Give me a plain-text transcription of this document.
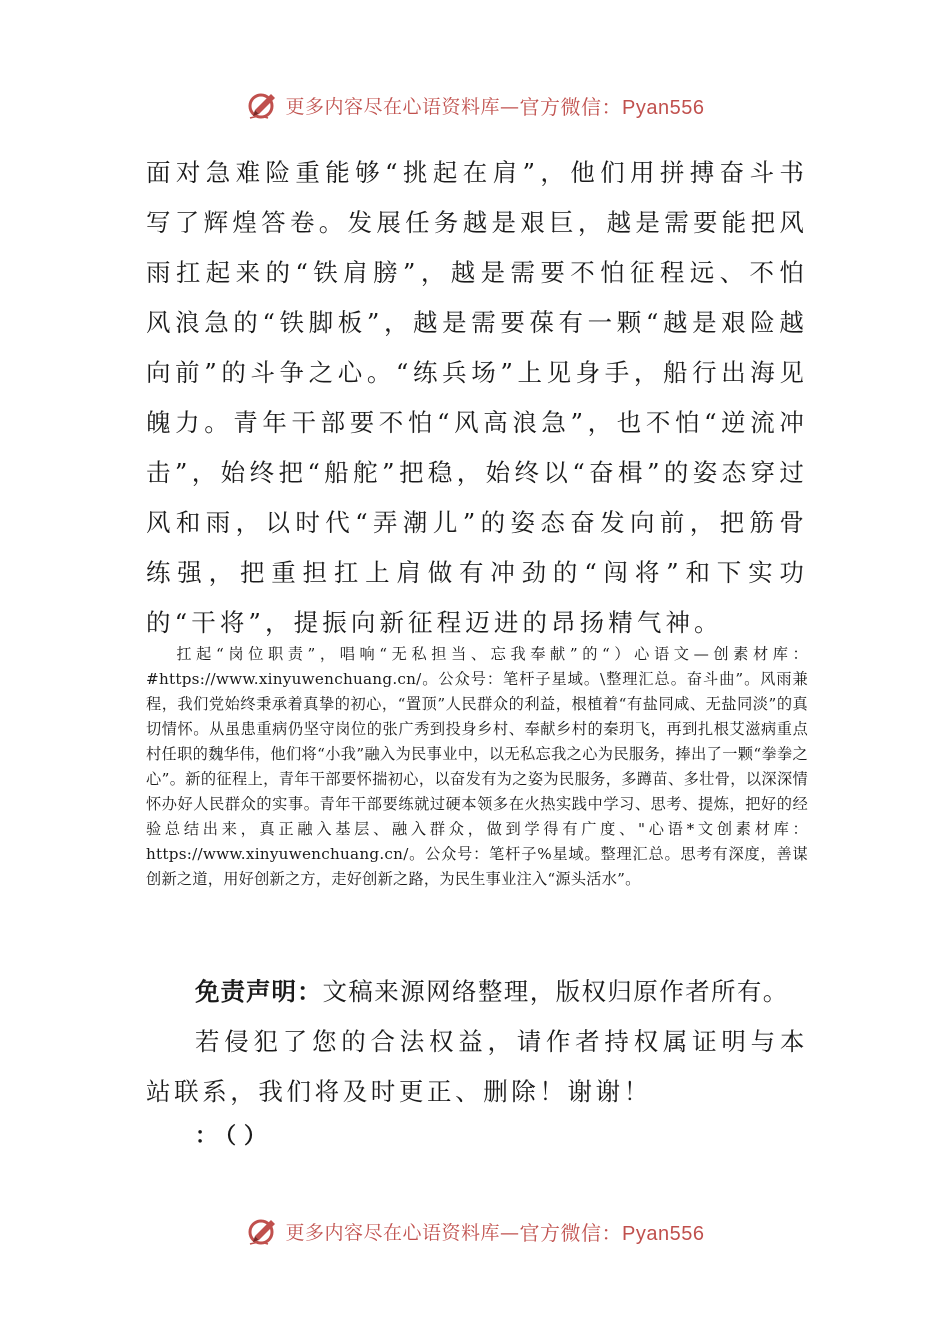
更多内容尽在心语资料库— 官方微信：Pyan556

面对急难险重能够“挑起在肩”，他们用拼搏奋斗书写了辉煌答卷。发展任务越是艰巨，越是需要能把风雨扛起来的“铁肩膀”，越是需要不怕征程远、不怕风浪急的“铁脚板”，越是需要葆有一颗“越是艰险越向前”的斗争之心。“练兵场”上见身手，船行出海见魄力。青年干部要不怕“风高浪急”，也不怕“逆流冲击”，始终把“船舵”把稳，始终以“奋楫”的姿态穿过风和雨，以时代“弄潮儿”的姿态奋发向前，把筋骨练强，把重担扛上肩做有冲劲的“闯将”和下实功的“干将”，提振向新征程迈进的昂扬精气神。

扛起“岗位职责”，唱响“无私担当、忘我奉献”的“）心语文—创素材库：#https://www.xinyuwenchuang.cn/。公众号：笔杆子星域。\整理汇总。奋斗曲”。风雨兼程，我们党始终秉承着真挚的初心，“置顶”人民群众的利益，根植着“有盐同咸、无盐同淡”的真切情怀。从虽患重病仍坚守岗位的张广秀到投身乡村、奉献乡村的秦玥飞，再到扎根艾滋病重点村任职的魏华伟，他们将“小我”融入为民事业中，以无私忘我之心为民服务，捧出了一颗“拳拳之心”。新的征程上，青年干部要怀揣初心，以奋发有为之姿为民服务，多蹲苗、多壮骨，以深深情怀办好人民群众的实事。青年干部要练就过硬本领多在火热实践中学习、思考、提炼，把好的经验总结出来，真正融入基层、融入群众，做到学得有广度、"心语*文创素材库：https://www.xinyuwenchuang.cn/。公众号：笔杆子%星域。整理汇总。思考有深度，善谋创新之道，用好创新之方，走好创新之路，为民生事业注入“源头活水”。

免责声明：文稿来源网络整理，版权归原作者所有。

若侵犯了您的合法权益，请作者持权属证明与本站联系，我们将及时更正、删除！谢谢！

：（）

更多内容尽在心语资料库— 官方微信：Pyan556
